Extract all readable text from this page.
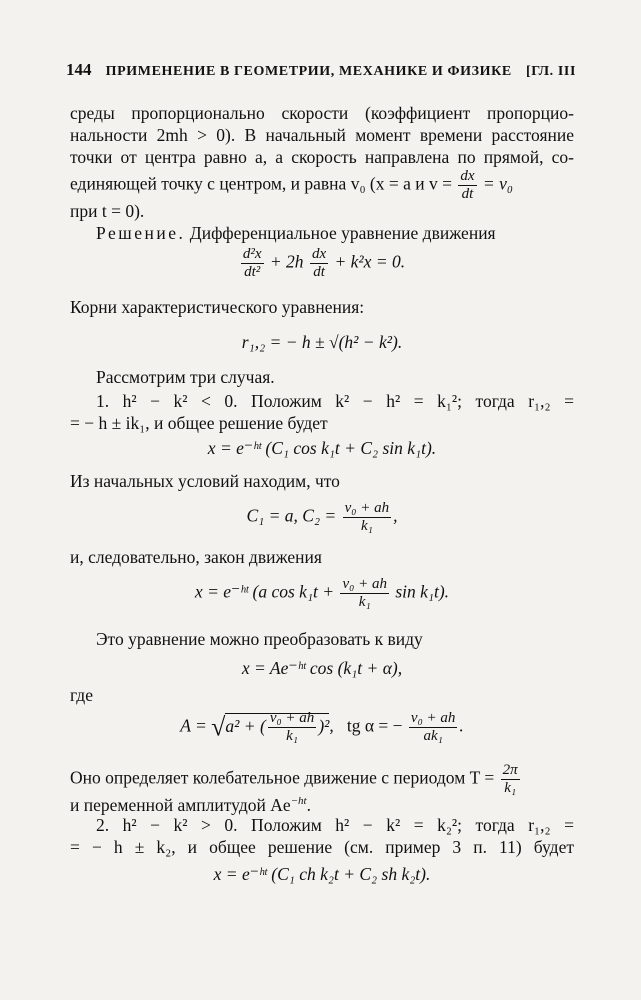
144 ПРИМЕНЕНИЕ В ГЕОМЕТРИИ, МЕХАНИКЕ И ФИЗИКЕ [ГЛ. III
среды пропорционально скорости (коэффициент пропорцио-
нальности 2mh > 0). В начальный момент времени расстояние
точки от центра равно a, а скорость направлена по прямой, со-
единяющей точку с центром, и равна v₀ (x = a и $v = \frac{dx}{dt} = v_0$
при t = 0).
Решение. Дифференциальное уравнение движения
$\frac{\text{d²x}}{\text{dt²}} + 2h \frac{dx}{dt} + k^2x = 0$.
Корни характеристического уравнения:
r₁,₂ = − h ± √(h² − k²).
Рассмотрим три случая.
1. h² − k² < 0. Положим k² − h² = k₁²; тогда r₁,₂ =
= − h ± ik₁, и общее решение будет
x = e⁻ʰᵗ (C₁ cos k₁t + C₂ sin k₁t).
Из начальных условий находим, что
C₁ = a, $C_2 = \frac{\text{v₀ + ah}}{\text{k₁}}$ ,
и, следовательно, закон движения
x = e⁻ʰᵗ (a $\cos k_1t + \frac{\text{v₀ + ah}}{\text{k₁}}$ sin k₁t).
Это уравнение можно преобразовать к виду
x = Ae⁻ʰᵗ cos (k₁t + α),
где
A = √a² + ( $\frac{\text{v₀ + ah}}{\text{k₁}} )^2$,   tg α = − $\frac{\text{v₀ + ah}}{\text{ak₁}}$ .
Оно определяет колебательное движение с периодом $T = \frac{2\pi}{\text{k₁}}$
и переменной амплитудой $Ae^{-ht}$.
2. h² − k² > 0. Положим h² − k² = k₂²; тогда r₁,₂ =
= − h ± k₂, и общее решение (см. пример 3 п. 11) будет
x = e⁻ʰᵗ (C₁ ch k₂t + C₂ sh k₂t).
